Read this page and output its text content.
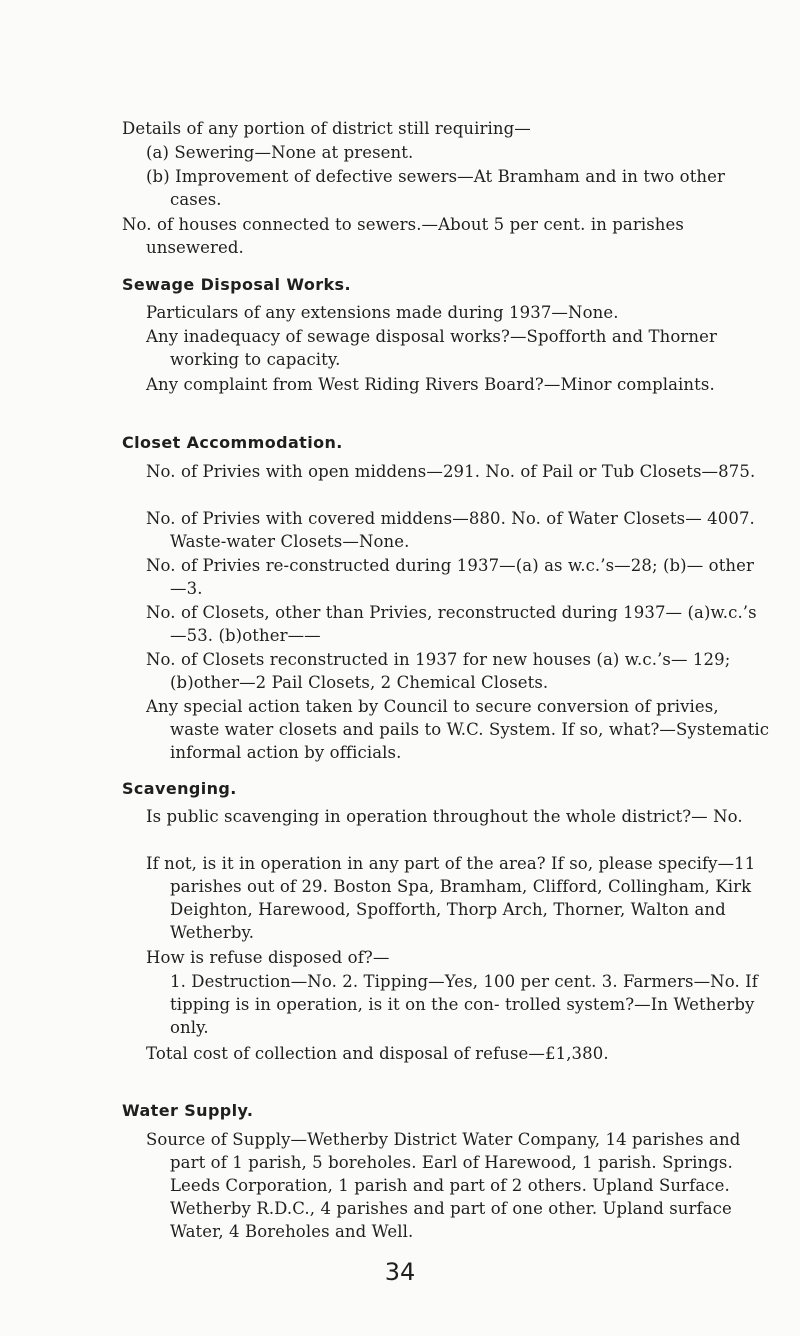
Details of any portion of district still requiring—

(a) Sewering—None at present.

(b) Improvement of defective sewers—At Bramham and in two other cases.

No. of houses connected to sewers.—About 5 per cent. in parishes unsewered.

Sewage Disposal Works.

Particulars of any extensions made during 1937—None.

Any inadequacy of sewage disposal works?—Spofforth and Thorner working to capacity.

Any complaint from West Riding Rivers Board?—Minor complaints.

Closet Accommodation.

No. of Privies with open middens—291. No. of Pail or Tub Closets—875.

No. of Privies with covered middens—880. No. of Water Closets— 4007. Waste-water Closets—None.

No. of Privies re-constructed during 1937—(a) as w.c.’s—28; (b)— other—3.

No. of Closets, other than Privies, reconstructed during 1937— (a)w.c.’s—53. (b)other——

No. of Closets reconstructed in 1937 for new houses (a) w.c.’s— 129; (b)other—2 Pail Closets, 2 Chemical Closets.

Any special action taken by Council to secure conversion of privies, waste water closets and pails to W.C. System. If so, what?—Systematic informal action by officials.

Scavenging.

Is public scavenging in operation throughout the whole district?— No.

If not, is it in operation in any part of the area? If so, please specify—11 parishes out of 29. Boston Spa, Bramham, Clifford, Collingham, Kirk Deighton, Harewood, Spofforth, Thorp Arch, Thorner, Walton and Wetherby.

How is refuse disposed of?—

1. Destruction—No. 2. Tipping—Yes, 100 per cent. 3. Farmers—No. If tipping is in operation, is it on the con- trolled system?—In Wetherby only.

Total cost of collection and disposal of refuse—£1,380.

Water Supply.

Source of Supply—Wetherby District Water Company, 14 parishes and part of 1 parish, 5 boreholes. Earl of Harewood, 1 parish. Springs. Leeds Corporation, 1 parish and part of 2 others. Upland Surface. Wetherby R.D.C., 4 parishes and part of one other. Upland surface Water, 4 Boreholes and Well.

34
